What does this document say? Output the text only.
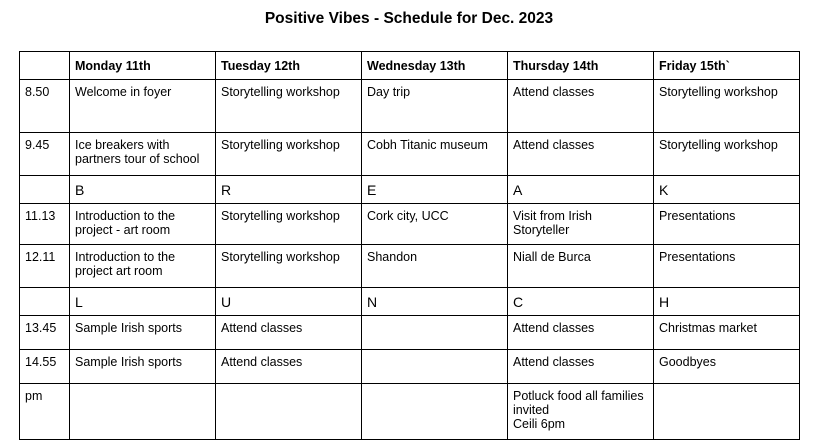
Positive Vibes - Schedule for Dec. 2023
	Monday 11th	Tuesday 12th	Wednesday 13th	Thursday 14th	Friday 15th`
8.50	Welcome in foyer	Storytelling workshop	Day trip	Attend classes	Storytelling workshop
9.45	Ice breakers with partners tour of school	Storytelling workshop	Cobh Titanic museum	Attend classes	Storytelling workshop
	B	R	E	A	K
11.13	Introduction to the project - art room	Storytelling workshop	Cork city, UCC	Visit from Irish Storyteller	Presentations
12.11	Introduction to the project art room	Storytelling workshop	Shandon	Niall de Burca	Presentations
	L	U	N	C	H
13.45	Sample Irish sports	Attend classes		Attend classes	Christmas market
14.55	Sample Irish sports	Attend classes		Attend classes	Goodbyes
pm				Potluck food all families invited
Ceili 6pm	
